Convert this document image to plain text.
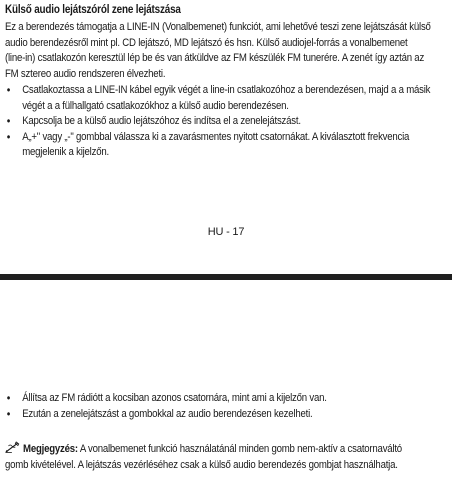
Külső audio lejátszóról zene lejátszása
Ez a berendezés támogatja a LINE-IN (Vonalbemenet) funkciót, ami lehetővé teszi zene lejátszását külső
audio berendezésről mint pl. CD lejátszó, MD lejátszó és hsn. Külső audiojel-forrás a vonalbemenet
(line-in) csatlakozón keresztül lép be és van átküldve az FM készülék FM tunerére. A zenét így aztán az
FM sztereo audio rendszeren élvezheti.
• Csatlakoztassa a LINE-IN kábel egyik végét a line-in csatlakozóhoz a berendezésen, majd a a másik
végét a a fülhallgató csatlakozókhoz a külső audio berendezésen.
• Kapcsolja be a külső audio lejátszóhoz és indítsa el a zenelejátszást.
• A„+" vagy „-" gombbal válassza ki a zavarásmentes nyitott csatornákat. A kiválasztott frekvencia
megjelenik a kijelzőn.
HU - 17
• Állítsa az FM rádiótt a kocsiban azonos csatornára, mint ami a kijelzőn van.
• Ezután a zenelejátszást a gombokkal az audio berendezésen kezelheti.
Megjegyzés: A vonalbemenet funkció használatánál minden gomb nem-aktív a csatornaváltó
gomb kivételével. A lejátszás vezérléséhez csak a külső audio berendezés gombjat használhatja.
